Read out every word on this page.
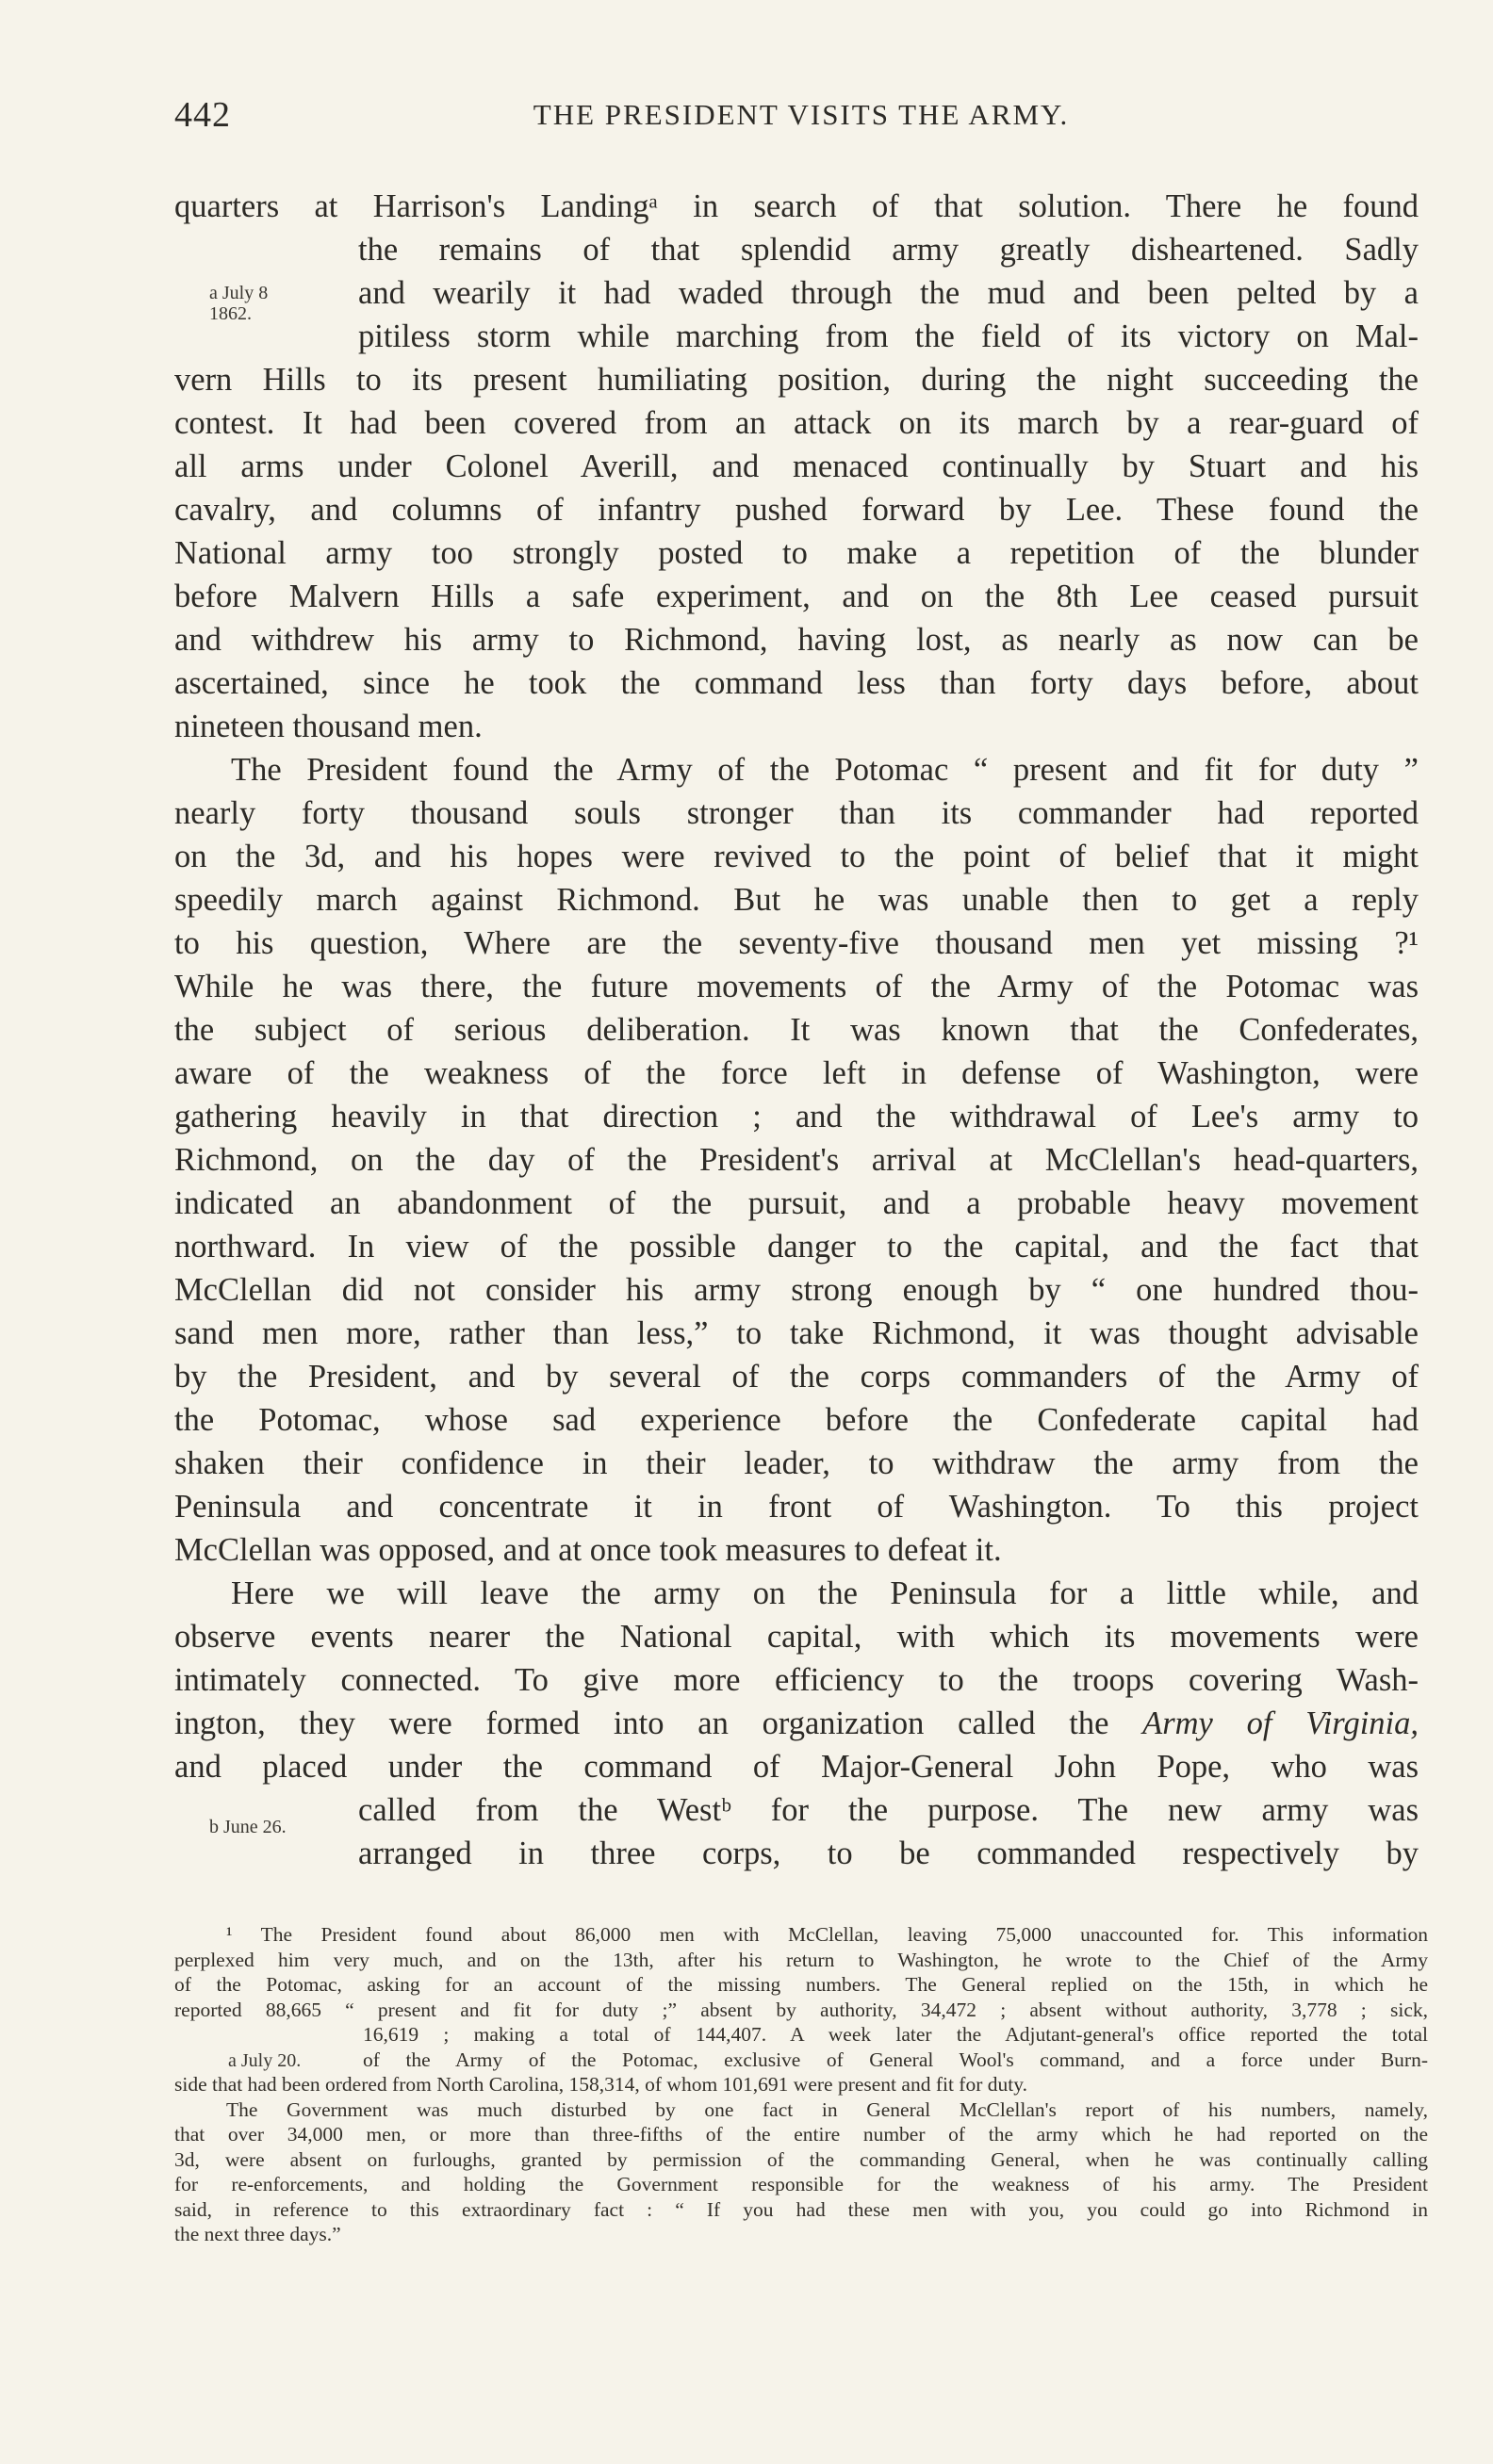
442	THE PRESIDENT VISITS THE ARMY.
a July 8
1862.
b June 26.
a July 20.
quarters at Harrison's Landingᵃ in search of that solution. There he found
the remains of that splendid army greatly disheartened. Sadly
and wearily it had waded through the mud and been pelted by a
pitiless storm while marching from the field of its victory on Mal-
vern Hills to its present humiliating position, during the night succeeding the
contest. It had been covered from an attack on its march by a rear-guard of
all arms under Colonel Averill, and menaced continually by Stuart and his
cavalry, and columns of infantry pushed forward by Lee. These found the
National army too strongly posted to make a repetition of the blunder
before Malvern Hills a safe experiment, and on the 8th Lee ceased pursuit
and withdrew his army to Richmond, having lost, as nearly as now can be
ascertained, since he took the command less than forty days before, about
nineteen thousand men.
The President found the Army of the Potomac “ present and fit for duty ”
nearly forty thousand souls stronger than its commander had reported
on the 3d, and his hopes were revived to the point of belief that it might
speedily march against Richmond. But he was unable then to get a reply
to his question, Where are the seventy-five thousand men yet missing ?¹
While he was there, the future movements of the Army of the Potomac was
the subject of serious deliberation. It was known that the Confederates,
aware of the weakness of the force left in defense of Washington, were
gathering heavily in that direction ; and the withdrawal of Lee's army to
Richmond, on the day of the President's arrival at McClellan's head-quarters,
indicated an abandonment of the pursuit, and a probable heavy movement
northward. In view of the possible danger to the capital, and the fact that
McClellan did not consider his army strong enough by “ one hundred thou-
sand men more, rather than less,” to take Richmond, it was thought advisable
by the President, and by several of the corps commanders of the Army of
the Potomac, whose sad experience before the Confederate capital had
shaken their confidence in their leader, to withdraw the army from the
Peninsula and concentrate it in front of Washington. To this project
McClellan was opposed, and at once took measures to defeat it.
Here we will leave the army on the Peninsula for a little while, and
observe events nearer the National capital, with which its movements were
intimately connected. To give more efficiency to the troops covering Wash-
ington, they were formed into an organization called the Army of Virginia,
and placed under the command of Major-General John Pope, who was
called from the Westᵇ for the purpose. The new army was
arranged in three corps, to be commanded respectively by
¹ The President found about 86,000 men with McClellan, leaving 75,000 unaccounted for. This information
perplexed him very much, and on the 13th, after his return to Washington, he wrote to the Chief of the Army
of the Potomac, asking for an account of the missing numbers. The General replied on the 15th, in which he
reported 88,665 “ present and fit for duty ;” absent by authority, 34,472 ; absent without authority, 3,778 ; sick,
16,619 ; making a total of 144,407. A week later the Adjutant-general's office reported the total
of the Army of the Potomac, exclusive of General Wool's command, and a force under Burn-
side that had been ordered from North Carolina, 158,314, of whom 101,691 were present and fit for duty.
The Government was much disturbed by one fact in General McClellan's report of his numbers, namely,
that over 34,000 men, or more than three-fifths of the entire number of the army which he had reported on the
3d, were absent on furloughs, granted by permission of the commanding General, when he was continually calling
for re-enforcements, and holding the Government responsible for the weakness of his army. The President
said, in reference to this extraordinary fact : “ If you had these men with you, you could go into Richmond in
the next three days.”
